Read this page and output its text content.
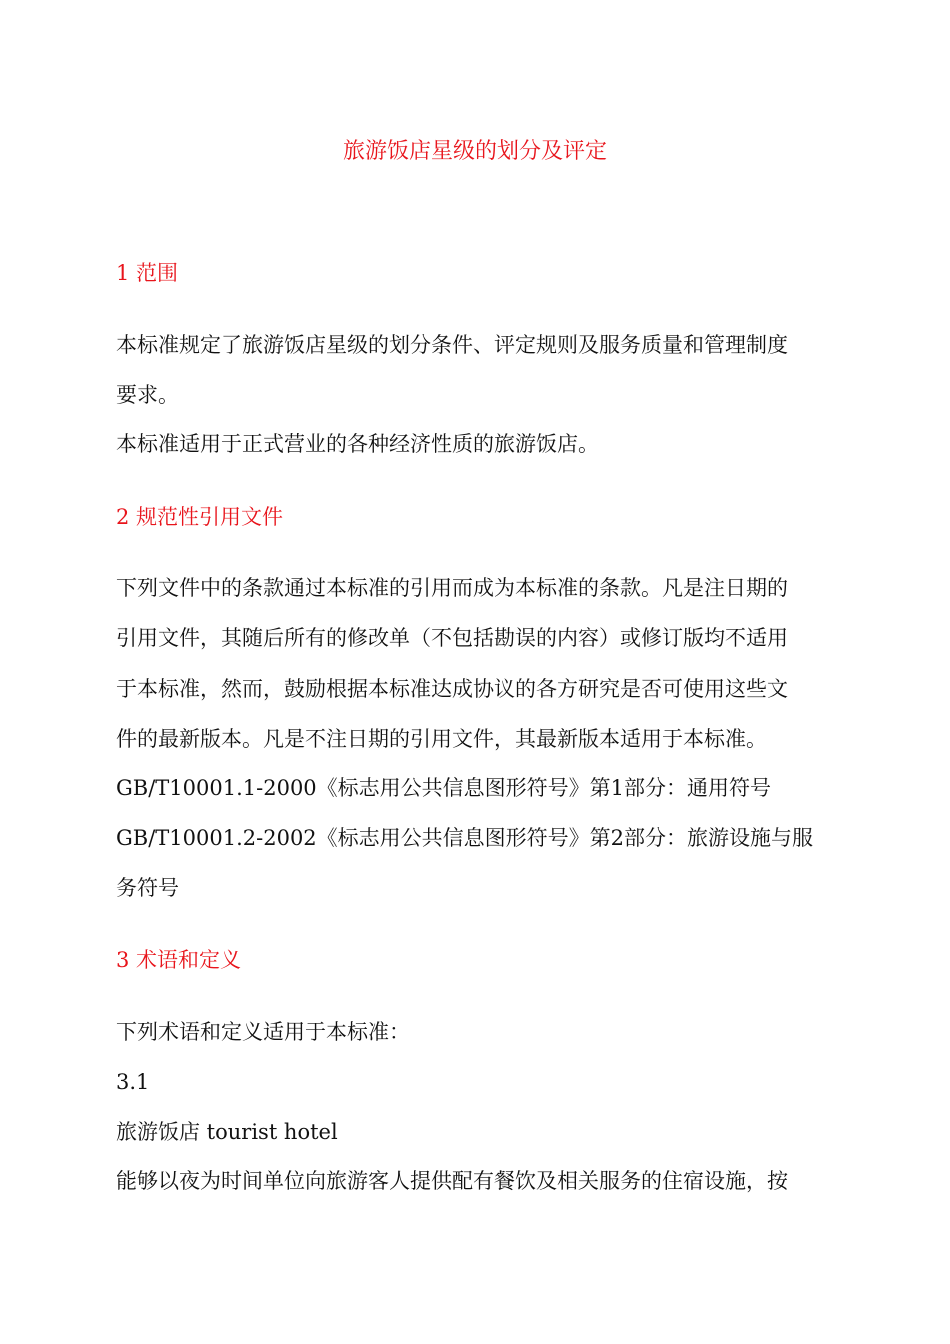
旅游饭店星级的划分及评定
1 范围
本标准规定了旅游饭店星级的划分条件、评定规则及服务质量和管理制度
要求。
本标准适用于正式营业的各种经济性质的旅游饭店。
2 规范性引用文件
下列文件中的条款通过本标准的引用而成为本标准的条款。凡是注日期的
引用文件，其随后所有的修改单（不包括勘误的内容）或修订版均不适用
于本标准，然而，鼓励根据本标准达成协议的各方研究是否可使用这些文
件的最新版本。凡是不注日期的引用文件，其最新版本适用于本标准。
GB/T10001.1-2000《标志用公共信息图形符号》第1部分：通用符号
GB/T10001.2-2002《标志用公共信息图形符号》第2部分：旅游设施与服
务符号
3 术语和定义
下列术语和定义适用于本标准：
3.1
旅游饭店 tourist hotel
能够以夜为时间单位向旅游客人提供配有餐饮及相关服务的住宿设施，按
